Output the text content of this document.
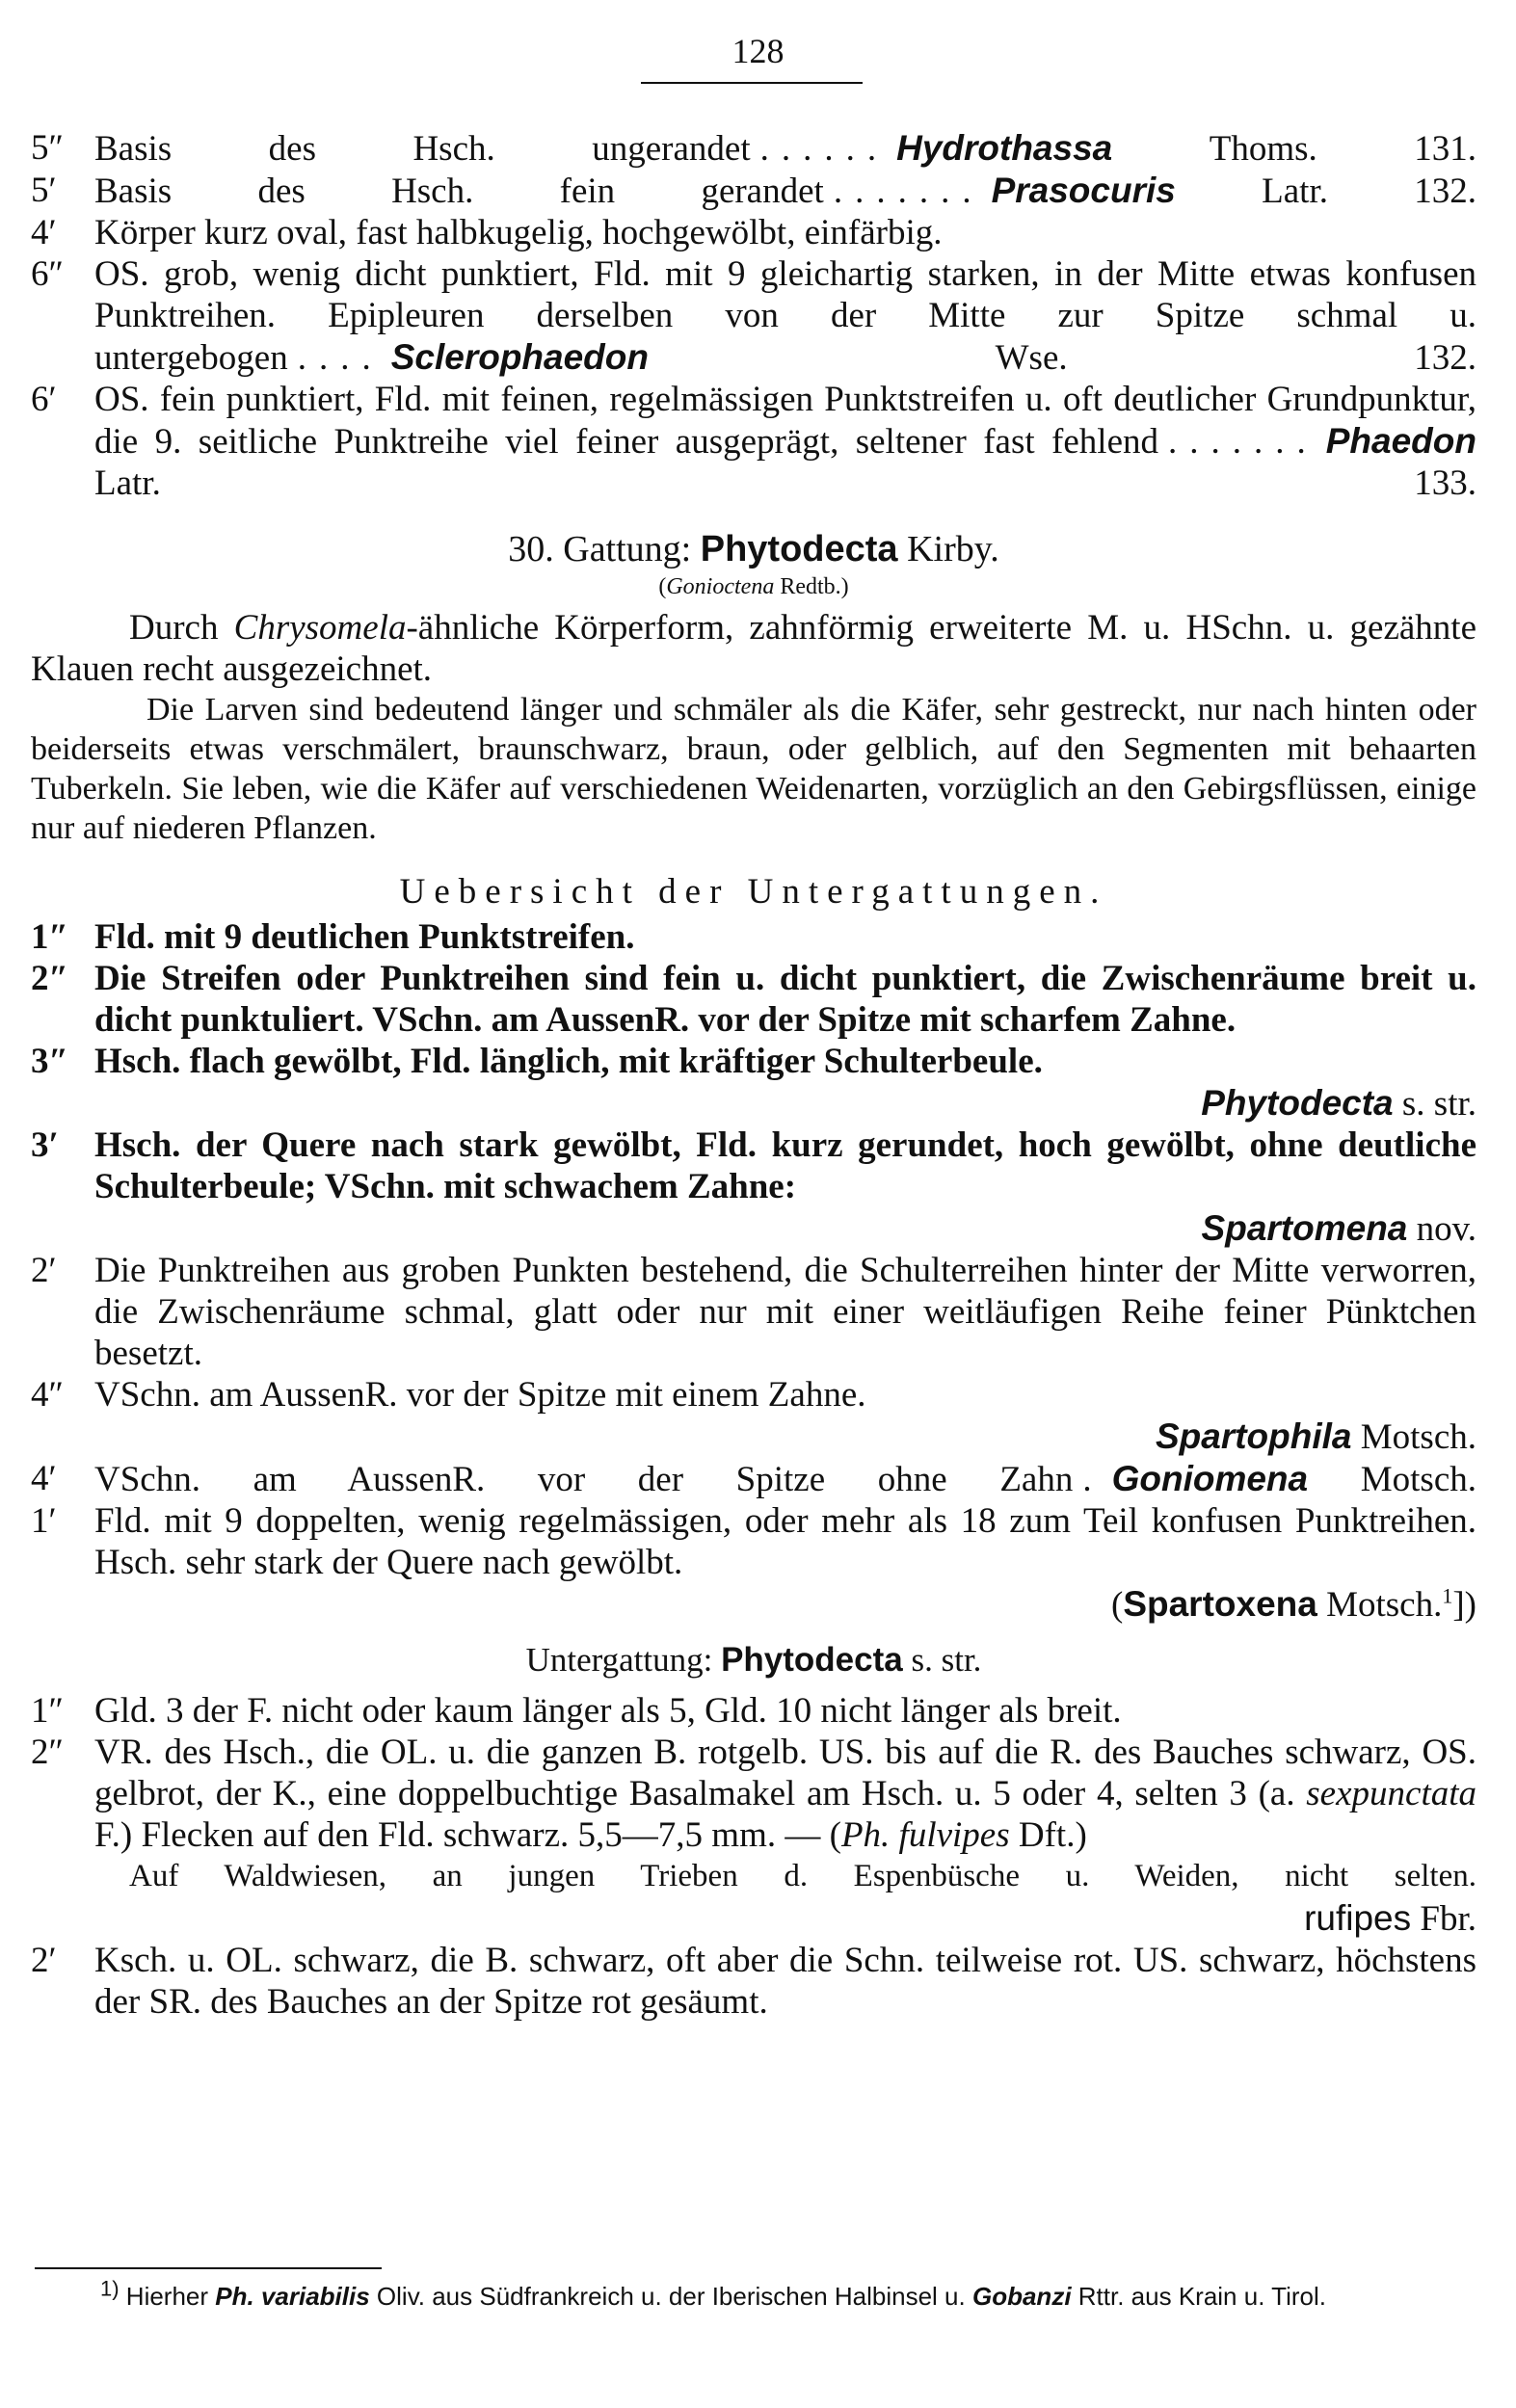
128
5″ Basis des Hsch. ungerandet ...... Hydrothassa	Thoms. 131.
5′ Basis des Hsch. fein gerandet ....... Prasocuris Latr. 132.
4′ Körper kurz oval, fast halbkugelig, hochgewölbt, einfärbig.
6″ OS. grob, wenig dicht punktiert, Fld. mit 9 gleichartig starken, in der Mitte etwas konfusen Punktreihen. Epipleuren derselben von der Mitte zur Spitze schmal u. untergebogen .... Sclerophaedon	Wse. 132.
6′ OS. fein punktiert, Fld. mit feinen, regelmässigen Punktstreifen u. oft deutlicher Grundpunktur, die 9. seitliche Punktreihe viel feiner ausgeprägt, seltener fast fehlend ....... Phaedon Latr. 133.
30. Gattung: Phytodecta Kirby.
(Gonioctena Redtb.)
Durch Chrysomela-ähnliche Körperform, zahnförmig erweiterte M. u. HSchn. u. gezähnte Klauen recht ausgezeichnet.
Die Larven sind bedeutend länger und schmäler als die Käfer, sehr gestreckt, nur nach hinten oder beiderseits etwas verschmälert, braunschwarz, braun, oder gelblich, auf den Segmenten mit behaarten Tuberkeln. Sie leben, wie die Käfer auf verschiedenen Weidenarten, vorzüglich an den Gebirgsflüssen, einige nur auf niederen Pflanzen.
Uebersicht der Untergattungen.
1″ Fld. mit 9 deutlichen Punktstreifen.
2″ Die Streifen oder Punktreihen sind fein u. dicht punktiert, die Zwischenräume breit u. dicht punktuliert. VSchn. am AussenR. vor der Spitze mit scharfem Zahne.
3″ Hsch. flach gewölbt, Fld. länglich, mit kräftiger Schulterbeule.
Phytodecta s. str.
3′ Hsch. der Quere nach stark gewölbt, Fld. kurz gerundet, hoch gewölbt, ohne deutliche Schulterbeule; VSchn. mit schwachem Zahne:
Spartomena nov.
2′ Die Punktreihen aus groben Punkten bestehend, die Schulterreihen hinter der Mitte verworren, die Zwischenräume schmal, glatt oder nur mit einer weitläufigen Reihe feiner Pünktchen besetzt.
4″ VSchn. am AussenR. vor der Spitze mit einem Zahne.
Spartophila Motsch.
4′ VSchn. am AussenR. vor der Spitze ohne Zahn . Goniomena Motsch.
1′ Fld. mit 9 doppelten, wenig regelmässigen, oder mehr als 18 zum Teil konfusen Punktreihen. Hsch. sehr stark der Quere nach gewölbt.
(Spartoxena Motsch.$^1$])
Untergattung: Phytodecta s. str.
1″ Gld. 3 der F. nicht oder kaum länger als 5, Gld. 10 nicht länger als breit.
2″ VR. des Hsch., die OL. u. die ganzen B. rotgelb. US. bis auf die R. des Bauches schwarz, OS. gelbrot, der K., eine doppelbuchtige Basalmakel am Hsch. u. 5 oder 4, selten 3 (a. sexpunctata F.) Flecken auf den Fld. schwarz. 5,5—7,5 mm. — (Ph. fulvipes Dft.)
Auf Waldwiesen, an jungen Trieben d. Espenbüsche u. Weiden, nicht selten.
rufipes Fbr.
2′ Ksch. u. OL. schwarz, die B. schwarz, oft aber die Schn. teilweise rot. US. schwarz, höchstens der SR. des Bauches an der Spitze rot gesäumt.
$^{1)}$ Hierher Ph. variabilis Oliv. aus Südfrankreich u. der Iberischen Halbinsel u. Gobanzi Rttr. aus Krain u. Tirol.
